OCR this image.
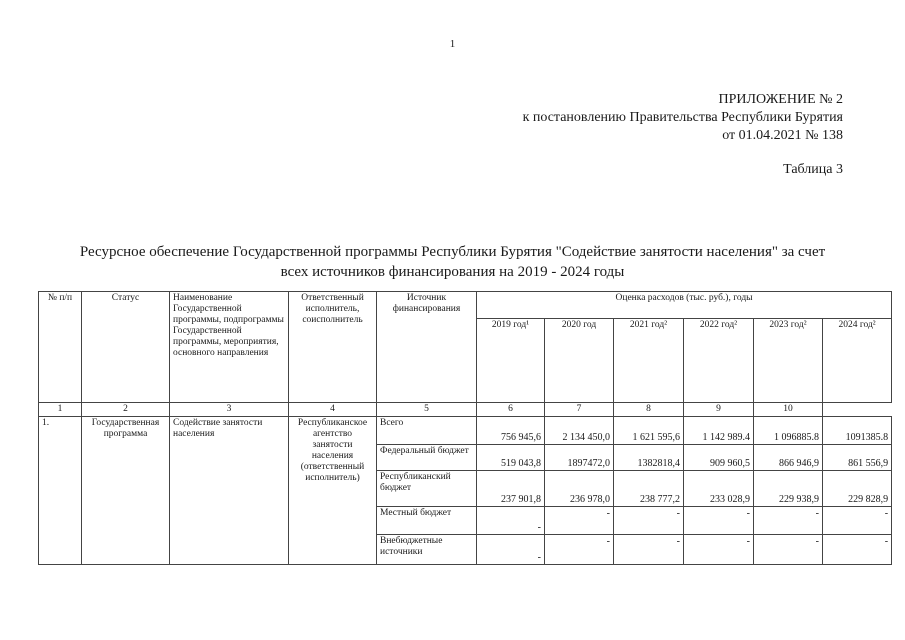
1
ПРИЛОЖЕНИЕ № 2
к постановлению Правительства Республики Бурятия
от 01.04.2021 № 138
Таблица 3
Ресурсное обеспечение Государственной программы Республики Бурятия "Содействие занятости населения" за счет
всех источников финансирования на 2019 - 2024 годы
№ п/п	Статус	Наименование Государственной программы, подпрограммы Государственной программы, мероприятия, основного направления	Ответственный исполнитель, соисполнитель	Источник финансирования	Оценка расходов (тыс. руб.), годы					
					2019 год¹	2020 год	2021 год²	2022 год²	2023 год²	2024 год²
1	2	3	4	5	6	7	8	9	10	
1.	Государственная программа	Содействие занятости населения	Республиканское агентство занятости населения (ответственный исполнитель)	Всего	756 945,6	2 134 450,0	1 621 595,6	1 142 989.4	1 096885.8	1091385.8
				Федеральный бюджет	519 043,8	1897472,0	1382818,4	909 960,5	866 946,9	861 556,9
				Республиканский бюджет	237 901,8	236 978,0	238 777,2	233 028,9	229 938,9	229 828,9
				Местный бюджет	-	-	-	-	-	-
				Внебюджетные источники	-	-	-	-	-	-
